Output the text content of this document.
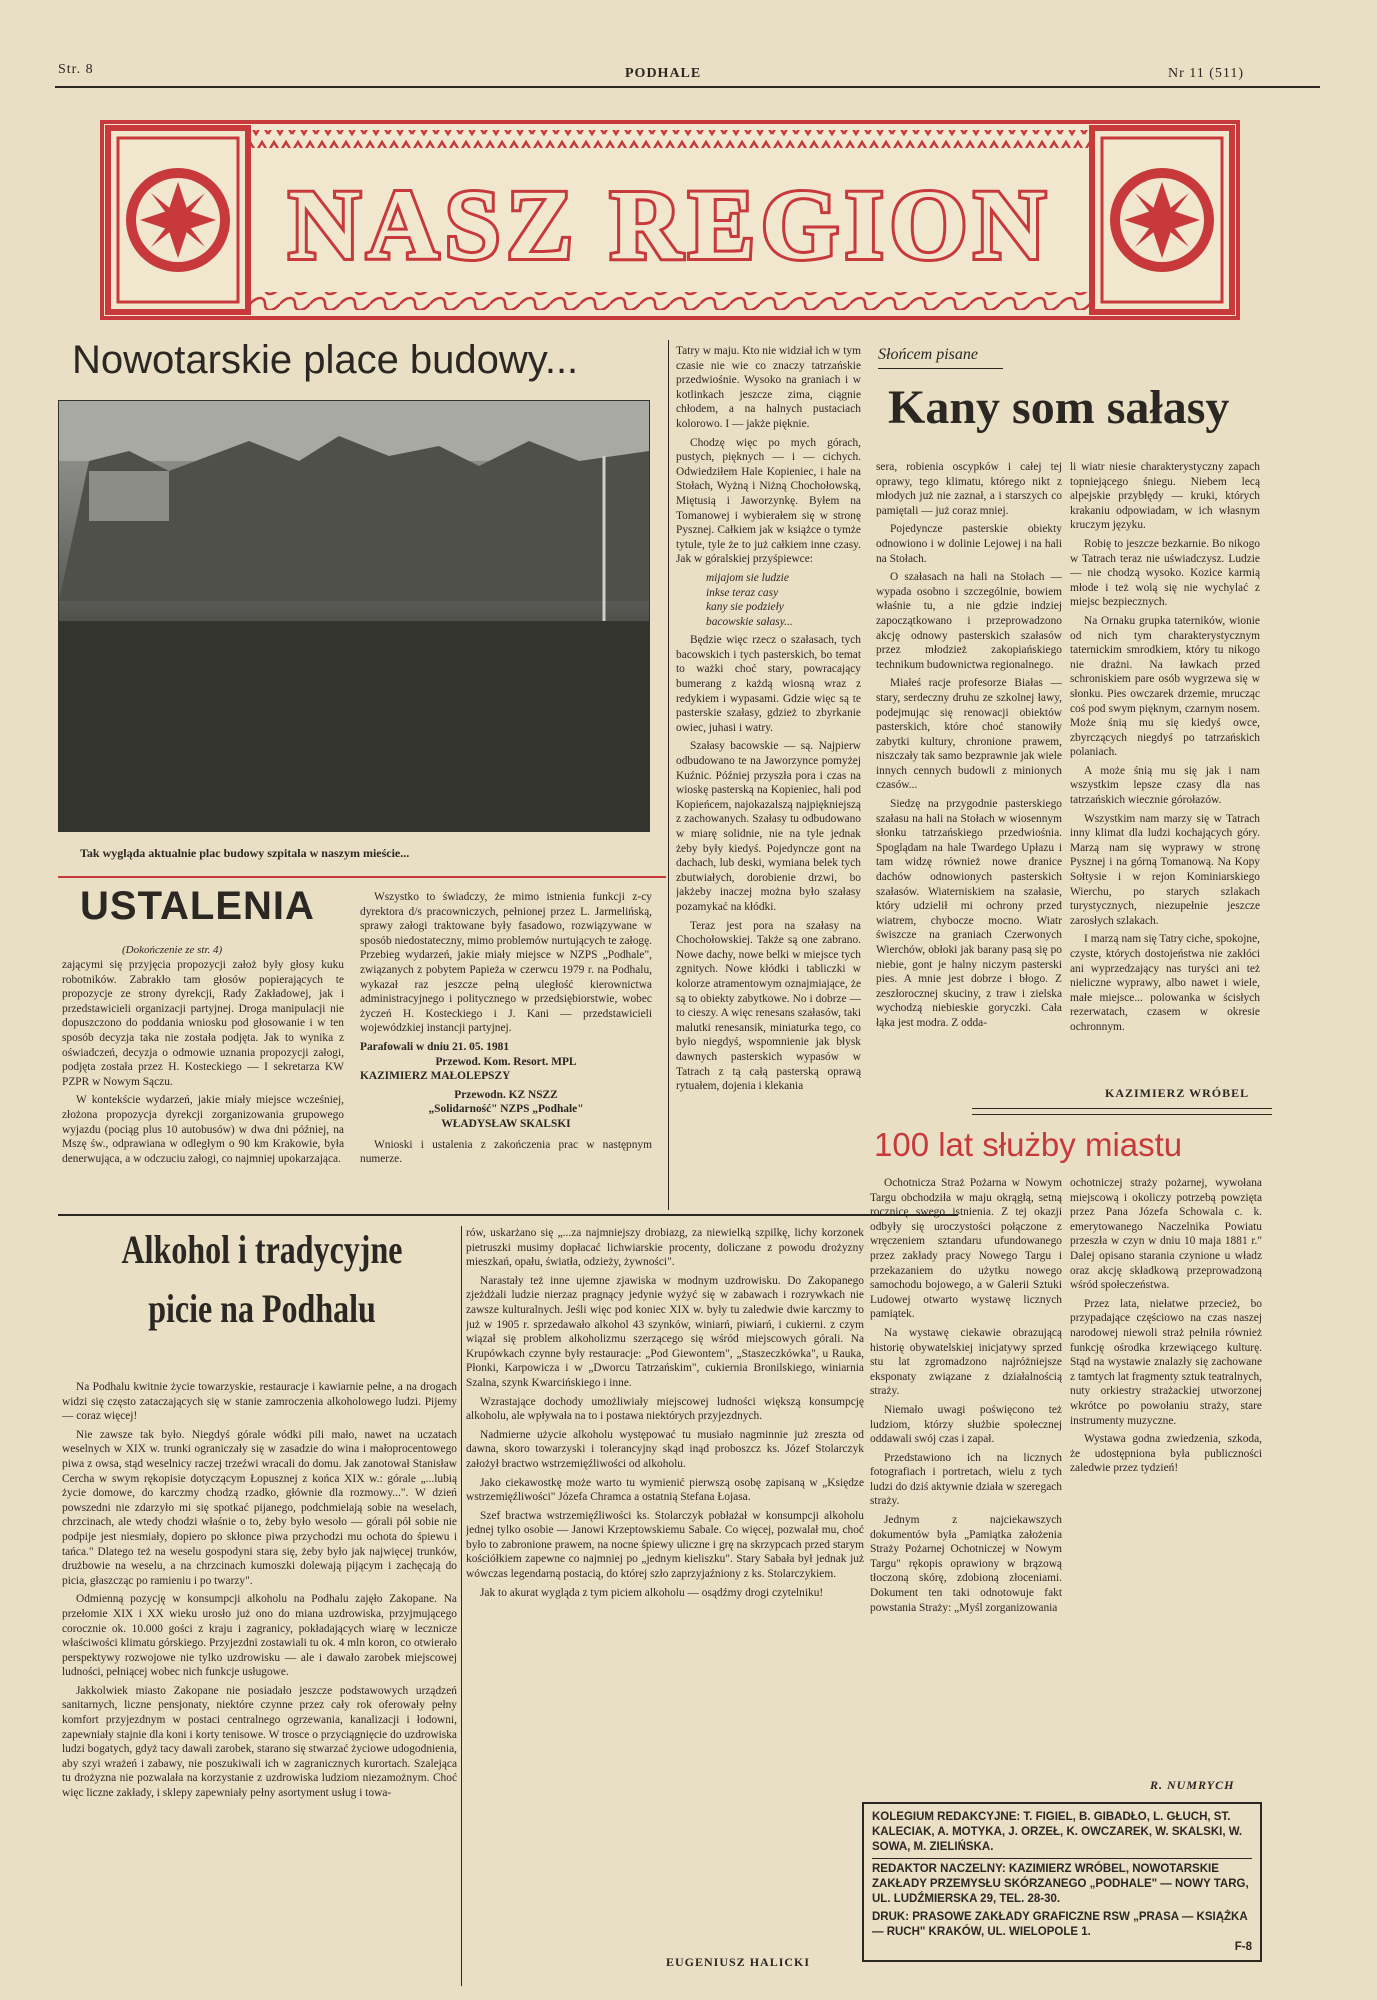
Str. 8	PODHALE	Nr 11 (511)
NASZ REGION
Nowotarskie place budowy...
Tak wygląda aktualnie plac budowy szpitala w naszym mieście...

Tatry w maju. Kto nie widział ich w tym czasie nie wie co znaczy tatrzańskie przedwiośnie. Wysoko na graniach i w kotlinkach jeszcze zima, ciągnie chłodem, a na halnych pustaciach kolorowo. I — jakże pięknie.

Chodzę więc po mych górach, pustych, pięknych — i — cichych. Odwiedziłem Hale Kopieniec, i hale na Stołach, Wyżną i Niżną Chochołowską, Miętusią i Jaworzynkę. Byłem na Tomanowej i wybierałem się w stronę Pysznej. Całkiem jak w książce o tymże tytule, tyle że to już całkiem inne czasy. Jak w góralskiej przyśpiewce:

mijajom sie ludzie
inkse teraz casy
kany sie podzieły
bacowskie sałasy...

Będzie więc rzecz o szałasach, tych bacowskich i tych pasterskich, bo temat to ważki choć stary, powracający bumerang z każdą wiosną wraz z redykiem i wypasami. Gdzie więc są te pasterskie szałasy, gdzież to zbyrkanie owiec, juhasi i watry.

Szałasy bacowskie — są. Najpierw odbudowano te na Jaworzynce pomyżej Kuźnic. Później przyszła pora i czas na wioskę pasterską na Kopieniec, hali pod Kopieńcem, najokazalszą najpiękniejszą z zachowanych. Szałasy tu odbudowano w miarę solidnie, nie na tyle jednak żeby były kiedyś. Pojedyncze gont na dachach, lub deski, wymiana belek tych zbutwiałych, dorobienie drzwi, bo jakżeby inaczej można było szałasy pozamykać na kłódki.

Teraz jest pora na szałasy na Chochołowskiej. Także są one zabrano. Nowe dachy, nowe belki w miejsce tych zgnitych. Nowe kłódki i tabliczki w kolorze atramentowym oznajmiające, że są to obiekty zabytkowe. No i dobrze — to cieszy. A więc renesans szałasów, taki malutki renesansik, miniaturka tego, co było niegdyś, wspomnienie jak błysk dawnych pasterskich wypasów w Tatrach z tą całą pasterską oprawą rytuałem, dojenia i klekania

Słońcem pisane
Kany som sałasy

sera, robienia oscypków i całej tej oprawy, tego klimatu, którego nikt z młodych już nie zaznał, a i starszych co pamiętali — już coraz mniej.

Pojedyncze pasterskie obiekty odnowiono i w dolinie Lejowej i na hali na Stołach.

O szałasach na hali na Stołach — wypada osobno i szczególnie, bowiem właśnie tu, a nie gdzie indziej zapoczątkowano i przeprowadzono akcję odnowy pasterskich szałasów przez młodzież zakopiańskiego technikum budownictwa regionalnego.

Miałeś racje profesorze Białas — stary, serdeczny druhu ze szkolnej ławy, podejmując się renowacji obiektów pasterskich, które choć stanowiły zabytki kultury, chronione prawem, niszczały tak samo bezprawnie jak wiele innych cennych budowli z minionych czasów...

Siedzę na przygodnie pasterskiego szałasu na hali na Stołach w wiosennym słonku tatrzańskiego przedwiośnia. Spoglądam na hale Twardego Upłazu i tam widzę również nowe dranice dachów odnowionych pasterskich szałasów. Wiaterniskiem na szałasie, który udzielił mi ochrony przed wiatrem, chybocze mocno. Wiatr świszcze na graniach Czerwonych Wierchów, obłoki jak barany pasą się po niebie, gont je halny niczym pasterski pies. A mnie jest dobrze i błogo. Z zeszłorocznej skuciny, z traw i zielska wychodzą niebieskie goryczki. Cała łąka jest modra. Z odda-

li wiatr niesie charakterystyczny zapach topniejącego śniegu. Niebem lecą alpejskie przybłędy — kruki, których krakaniu odpowiadam, w ich własnym kruczym języku.

Robię to jeszcze bezkarnie. Bo nikogo w Tatrach teraz nie uświadczysz. Ludzie — nie chodzą wysoko. Kozice karmią młode i też wolą się nie wychylać z miejsc bezpiecznych.

Na Ornaku grupka taterników, wionie od nich tym charakterystycznym taternickim smrodkiem, który tu nikogo nie drażni. Na ławkach przed schroniskiem pare osób wygrzewa się w słonku. Pies owczarek drzemie, mrucząc coś pod swym pięknym, czarnym nosem. Może śnią mu się kiedyś owce, zbyrczących niegdyś po tatrzańskich polaniach.

A może śnią mu się jak i nam wszystkim lepsze czasy dla nas tatrzańskich wiecznie górołazów.

Wszystkim nam marzy się w Tatrach inny klimat dla ludzi kochających góry. Marzą nam się wyprawy w stronę Pysznej i na górną Tomanową. Na Kopy Sołtysie i w rejon Kominiarskiego Wierchu, po starych szlakach turystycznych, niezupełnie jeszcze zarosłych szlakach.

I marzą nam się Tatry ciche, spokojne, czyste, których dostojeństwa nie zakłóci ani wyprzedzający nas turyści ani też nieliczne wyprawy, albo nawet i wiele, małe miejsce... polowanka w ścisłych rezerwatach, czasem w okresie ochronnym.

KAZIMIERZ WRÓBEL
USTALENIA
(Dokończenie ze str. 4)

zającymi się przyjęcia propozycji założ były głosy kuku robotników. Zabrakło tam głosów popierających te propozycje ze strony dyrekcji, Rady Zakładowej, jak i przedstawicieli organizacji partyjnej. Droga manipulacji nie dopuszczono do poddania wniosku pod głosowanie i w ten sposób decyzja taka nie została podjęta. Jak to wynika z oświadczeń, decyzja o odmowie uznania propozycji załogi, podjęta została przez H. Kosteckiego — I sekretarza KW PZPR w Nowym Sączu.

W kontekście wydarzeń, jakie miały miejsce wcześniej, złożona propozycja dyrekcji zorganizowania grupowego wyjazdu (pociąg plus 10 autobusów) w dwa dni później, na Mszę św., odprawiana w odległym o 90 km Krakowie, była denerwująca, a w odczuciu załogi, co najmniej upokarzająca.

Wszystko to świadczy, że mimo istnienia funkcji z-cy dyrektora d/s pracowniczych, pełnionej przez L. Jarmelińską, sprawy załogi traktowane były fasadowo, rozwiązywane w sposób niedostateczny, mimo problemów nurtujących te załogę. Przebieg wydarzeń, jakie miały miejsce w NZPS „Podhale", związanych z pobytem Papieża w czerwcu 1979 r. na Podhalu, wykazał raz jeszcze pełną uległość kierownictwa administracyjnego i politycznego w przedsiębiorstwie, wobec życzeń H. Kosteckiego i J. Kani — przedstawicieli wojewódzkiej instancji partyjnej.

Parafowali w dniu 21. 05. 1981
Przewod. Kom. Resort. MPL
KAZIMIERZ MAŁOLEPSZY
Przewodn. KZ NSZZ
„Solidarność" NZPS „Podhale"
WŁADYSŁAW SKALSKI

Wnioski i ustalenia z zakończenia prac w następnym numerze.

Alkohol i tradycyjne
picie na Podhalu

Na Podhalu kwitnie życie towarzyskie, restauracje i kawiarnie pełne, a na drogach widzi się często zataczających się w stanie zamroczenia alkoholowego ludzi. Pijemy — coraz więcej!

Nie zawsze tak było. Niegdyś górale wódki pili mało, nawet na uczatach weselnych w XIX w. trunki ograniczały się w zasadzie do wina i małoprocentowego piwa z owsa, stąd weselnicy raczej trzeźwi wracali do domu. Jak zanotował Stanisław Cercha w swym rękopisie dotyczącym Łopusznej z końca XIX w.: górale „...lubią życie domowe, do karczmy chodzą rzadko, głównie dla rozmowy...". W dzień powszedni nie zdarzyło mi się spotkać pijanego, podchmielają sobie na weselach, chrzcinach, ale wtedy chodzi właśnie o to, żeby było wesoło — górali pół sobie nie podpije jest niesmiały, dopiero po skłonce piwa przychodzi mu ochota do śpiewu i tańca." Dlatego też na weselu gospodyni stara się, żeby było jak najwięcej trunków, drużbowie na weselu, a na chrzcinach kumoszki dolewają pijącym i zachęcają do picia, głaszcząc po ramieniu i po twarzy".

Odmienną pozycję w konsumpcji alkoholu na Podhalu zajęło Zakopane. Na przełomie XIX i XX wieku urosło już ono do miana uzdrowiska, przyjmującego corocznie ok. 10.000 gości z kraju i zagranicy, pokładających wiarę w lecznicze właściwości klimatu górskiego. Przyjezdni zostawiali tu ok. 4 mln koron, co otwierało perspektywy rozwojowe nie tylko uzdrowisku — ale i dawało zarobek miejscowej ludności, pełniącej wobec nich funkcje usługowe.

Jakkolwiek miasto Zakopane nie posiadało jeszcze podstawowych urządzeń sanitarnych, liczne pensjonaty, niektóre czynne przez cały rok oferowały pełny komfort przyjezdnym w postaci centralnego ogrzewania, kanalizacji i łodowni, zapewniały stajnie dla koni i korty tenisowe. W trosce o przyciągnięcie do uzdrowiska ludzi bogatych, gdyż tacy dawali zarobek, starano się stwarzać życiowe udogodnienia, aby szyi wrażeń i zabawy, nie poszukiwali ich w zagranicznych kurortach. Szalejąca tu drożyzna nie pozwalała na korzystanie z uzdrowiska ludziom niezamożnym. Choć więc liczne zakłady, i sklepy zapewniały pełny asortyment usług i towa-

rów, uskarżano się „...za najmniejszy drobiazg, za niewielką szpilkę, lichy korzonek pietruszki musimy dopłacać lichwiarskie procenty, doliczane z powodu drożyzny mieszkań, opału, światła, odzieży, żywności".

Narastały też inne ujemne zjawiska w modnym uzdrowisku. Do Zakopanego zjeżdżali ludzie nierzaz pragnący jedynie wyżyć się w zabawach i rozrywkach nie zawsze kulturalnych. Jeśli więc pod koniec XIX w. były tu zaledwie dwie karczmy to już w 1905 r. sprzedawało alkohol 43 szynków, winiarń, piwiarń, i cukierni. z czym wiązał się problem alkoholizmu szerzącego się wśród miejscowych górali. Na Krupówkach czynne były restauracje: „Pod Giewontem", „Staszeczkówka", u Rauka, Płonki, Karpowicza i w „Dworcu Tatrzańskim", cukiernia Bronilskiego, winiarnia Szalna, szynk Kwarcińskiego i inne.

Wzrastające dochody umożliwiały miejscowej ludności większą konsumpcję alkoholu, ale wpływała na to i postawa niektórych przyjezdnych.

Nadmierne użycie alkoholu występować tu musiało nagminnie już zreszta od dawna, skoro towarzyski i tolerancyjny skąd inąd proboszcz ks. Józef Stolarczyk założył bractwo wstrzemięźliwości od alkoholu.

Jako ciekawostkę może warto tu wymienić pierwszą osobę zapisaną w „Księdze wstrzemięźliwości" Józefa Chramca a ostatnią Stefana Łojasa.

Szef bractwa wstrzemięźliwości ks. Stolarczyk pobłażał w konsumpcji alkoholu jednej tylko osobie — Janowi Krzeptowskiemu Sabale. Co więcej, pozwalał mu, choć było to zabronione prawem, na nocne śpiewy uliczne i grę na skrzypcach przed starym kościółkiem zapewne co najmniej po „jednym kieliszku". Stary Sabała był jednak już wówczas legendarną postacią, do której szło zaprzyjaźniony z ks. Stolarczykiem.

Jak to akurat wygląda z tym piciem alkoholu — osądźmy drogi czytelniku!

EUGENIUSZ HALICKI
100 lat służby miastu

Ochotnicza Straż Pożarna w Nowym Targu obchodziła w maju okrągłą, setną rocznicę swego istnienia. Z tej okazji odbyły się uroczystości połączone z wręczeniem sztandaru ufundowanego przez zakłady pracy Nowego Targu i przekazaniem do użytku nowego samochodu bojowego, a w Galerii Sztuki Ludowej otwarto wystawę licznych pamiątek.

Na wystawę ciekawie obrazującą historię obywatelskiej inicjatywy sprzed stu lat zgromadzono najróżniejsze eksponaty związane z działalnością straży.

Niemało uwagi poświęcono też ludziom, którzy służbie społecznej oddawali swój czas i zapał.

Przedstawiono ich na licznych fotografiach i portretach, wielu z tych ludzi do dziś aktywnie działa w szeregach straży.

Jednym z najciekawszych dokumentów była „Pamiątka założenia Straży Pożarnej Ochotniczej w Nowym Targu" rękopis oprawiony w brązową tłoczoną skórę, zdobioną złoceniami. Dokument ten taki odnotowuje fakt powstania Straży: „Myśl zorganizowania

ochotniczej straży pożarnej, wywołana miejscową i okoliczy potrzebą powzięta przez Pana Józefa Schowala c. k. emerytowanego Naczelnika Powiatu przeszła w czyn w dniu 10 maja 1881 r." Dalej opisano starania czynione u władz oraz akcję składkową przeprowadzoną wśród społeczeństwa.

Przez lata, niełatwe przecież, bo przypadające częściowo na czas naszej narodowej niewoli straż pełniła również funkcję ośrodka krzewiącego kulturę. Stąd na wystawie znalazły się zachowane z tamtych lat fragmenty sztuk teatralnych, nuty orkiestry strażackiej utworzonej wkrótce po powołaniu straży, stare instrumenty muzyczne.

Wystawa godna zwiedzenia, szkoda, że udostępniona była publiczności zaledwie przez tydzień!

R. NUMRYCH
KOLEGIUM REDAKCYJNE: T. FIGIEL, B. GIBADŁO, L. GŁUCH, ST. KALECIAK, A. MOTYKA, J. ORZEŁ, K. OWCZAREK, W. SKALSKI, W. SOWA, M. ZIELIŃSKA.
REDAKTOR NACZELNY: KAZIMIERZ WRÓBEL, NOWOTARSKIE ZAKŁADY PRZEMYSŁU SKÓRZANEGO „PODHALE" — NOWY TARG, UL. LUDŹMIERSKA 29, TEL. 28-30.
DRUK: PRASOWE ZAKŁADY GRAFICZNE RSW „PRASA — KSIĄŻKA — RUCH" KRAKÓW, UL. WIELOPOLE 1.
F-8
